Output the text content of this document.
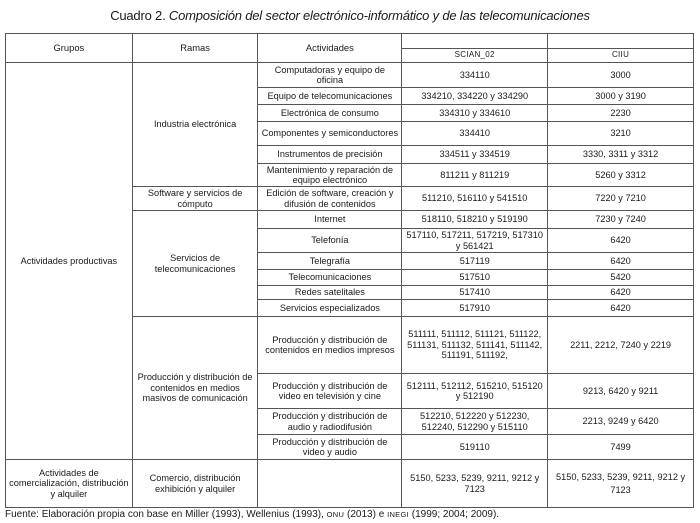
Cuadro 2. Composición del sector electrónico-informático y de las telecomunicaciones
Grupos	Ramas	Actividades		
			SCIAN_02	CIIU
Actividades productivas	Industria electrónica	Computadoras y equipo de oficina	334110	3000
		Equipo de telecomunicaciones	334210, 334220 y 334290	3000 y 3190
		Electrónica de consumo	334310 y 334610	2230
		Componentes y semiconductores	334410	3210
		Instrumentos de precisión	334511 y 334519	3330, 3311 y 3312
		Mantenimiento y reparación de equipo electrónico	811211 y 811219	5260 y 3312
	Software y servicios de cómputo	Edición de software, creación y difusión de contenidos	511210, 516110 y 541510	7220 y 7210
	Servicios de telecomunicaciones	Internet	518110, 518210 y 519190	7230 y 7240
		Telefonía	517110, 517211, 517219, 517310 y 561421	6420
		Telegrafía	517119	6420
		Telecomunicaciones	517510	5420
		Redes satelitales	517410	6420
		Servicios especializados	517910	6420
	Producción y distribución de contenidos en medios masivos de comunicación	Producción y distribución de contenidos en medios impresos	511111, 511112, 511121, 511122, 511131, 511132, 511141, 511142, 511191, 511192,	2211, 2212, 7240 y 2219
		Producción y distribución de video en televisión y cine	512111, 512112, 515210, 515120 y 512190	9213, 6420 y 9211
		Producción y distribución de audio y radiodifusión	512210, 512220 y 512230, 512240, 512290 y 515110	2213, 9249 y 6420
		Producción y distribución de video y audio	519110	7499
Actividades de comercialización, distribución y alquiler	Comercio, distribución exhibición y alquiler		5150, 5233, 5239, 9211, 9212 y 7123	5150, 5233, 5239, 9211, 9212 y 7123
Fuente: Elaboración propia con base en Miller (1993), Wellenius (1993), ONU (2013) e INEGI (1999; 2004; 2009).
